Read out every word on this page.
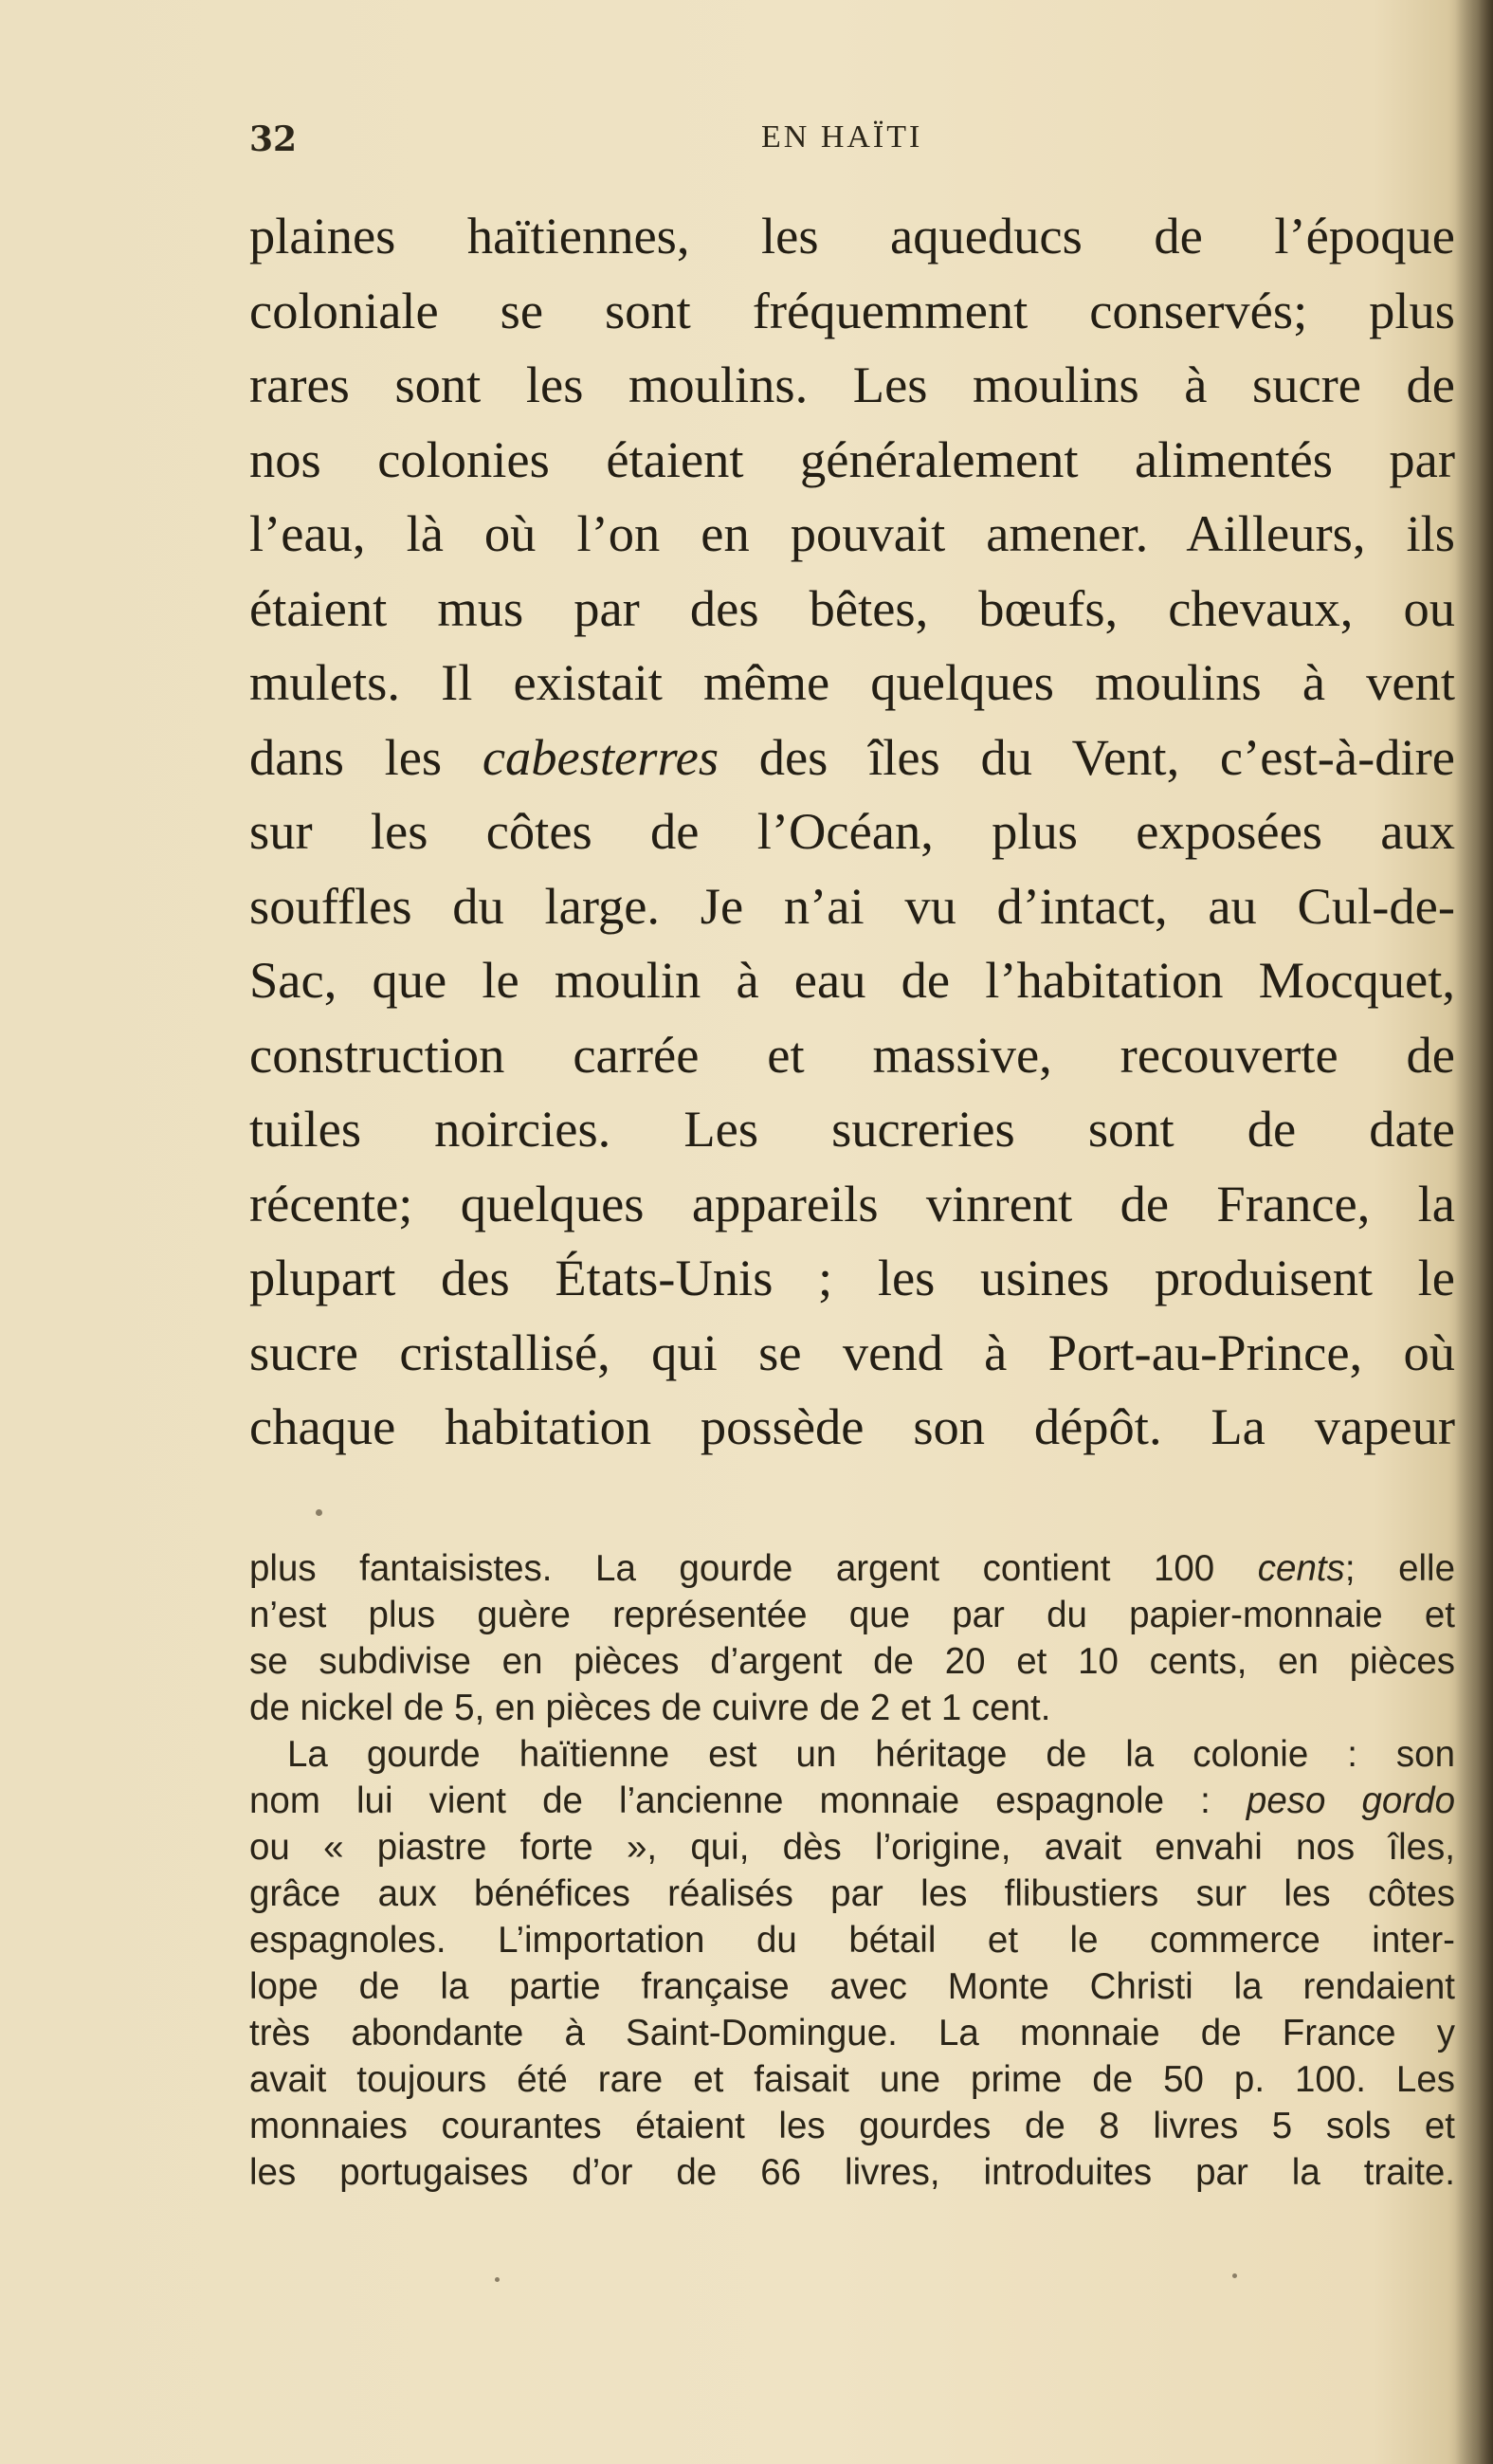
32	EN HAÏTI
plaines haïtiennes, les aqueducs de l’époque
coloniale se sont fréquemment conservés; plus
rares sont les moulins. Les moulins à sucre de
nos colonies étaient généralement alimentés par
l’eau, là où l’on en pouvait amener. Ailleurs, ils
étaient mus par des bêtes, bœufs, chevaux, ou
mulets. Il existait même quelques moulins à vent
dans les cabesterres des îles du Vent, c’est-à-dire
sur les côtes de l’Océan, plus exposées aux
souffles du large. Je n’ai vu d’intact, au Cul-de-
Sac, que le moulin à eau de l’habitation Mocquet,
construction carrée et massive, recouverte de
tuiles noircies. Les sucreries sont de date
récente; quelques appareils vinrent de France, la
plupart des États-Unis ; les usines produisent le
sucre cristallisé, qui se vend à Port-au-Prince, où
chaque habitation possède son dépôt. La vapeur
plus fantaisistes. La gourde argent contient 100 cents; elle
n’est plus guère représentée que par du papier-monnaie et
se subdivise en pièces d’argent de 20 et 10 cents, en pièces
de nickel de 5, en pièces de cuivre de 2 et 1 cent.
La gourde haïtienne est un héritage de la colonie : son
nom lui vient de l’ancienne monnaie espagnole : peso gordo
ou « piastre forte », qui, dès l’origine, avait envahi nos îles,
grâce aux bénéfices réalisés par les flibustiers sur les côtes
espagnoles. L’importation du bétail et le commerce inter-
lope de la partie française avec Monte Christi la rendaient
très abondante à Saint-Domingue. La monnaie de France y
avait toujours été rare et faisait une prime de 50 p. 100. Les
monnaies courantes étaient les gourdes de 8 livres 5 sols et
les portugaises d’or de 66 livres, introduites par la traite.
